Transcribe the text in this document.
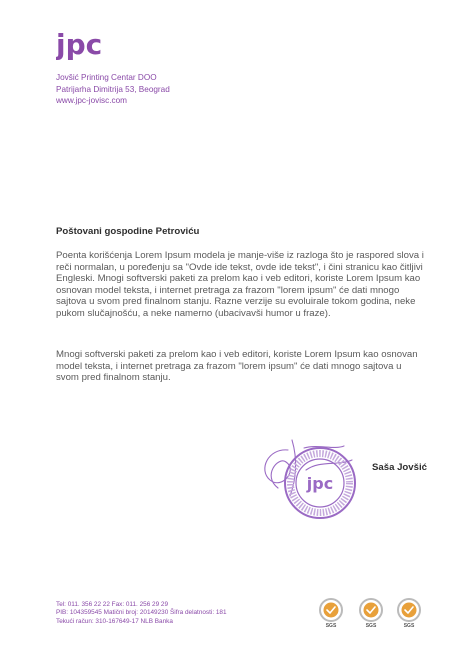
jpc
Jovšić Printing Centar DOO
Patrijarha Dimitrija 53, Beograd
www.jpc-jovisc.com
Poštovani gospodine Petroviću
Poenta korišćenja Lorem Ipsum modela je manje-više iz razloga što je raspored slova i reči normalan, u poređenju sa "Ovde ide tekst, ovde ide tekst", i čini stranicu kao čitljivi Engleski. Mnogi softverski paketi za prelom kao i veb editori, koriste Lorem Ipsum kao osnovan model teksta, i internet pretraga za frazom "lorem ipsum" će dati mnogo sajtova u svom pred finalnom stanju. Razne verzije su evoluirale tokom godina, neke pukom slučajnošću, a neke namerno (ubacivavši humor u fraze).
Mnogi softverski paketi za prelom kao i veb editori, koriste Lorem Ipsum kao osnovan model teksta, i internet pretraga za frazom "lorem ipsum" će dati mnogo sajtova u svom pred finalnom stanju.
jpc
Saša Jovšić
Tel: 011. 356 22 22 Fax: 011. 256 29 29
PIB: 104359545 Matični broj: 20149230 Šifra delatnosti: 181
Tekući račun: 310-167649-17 NLB Banka
SGS	SGS	SGS
